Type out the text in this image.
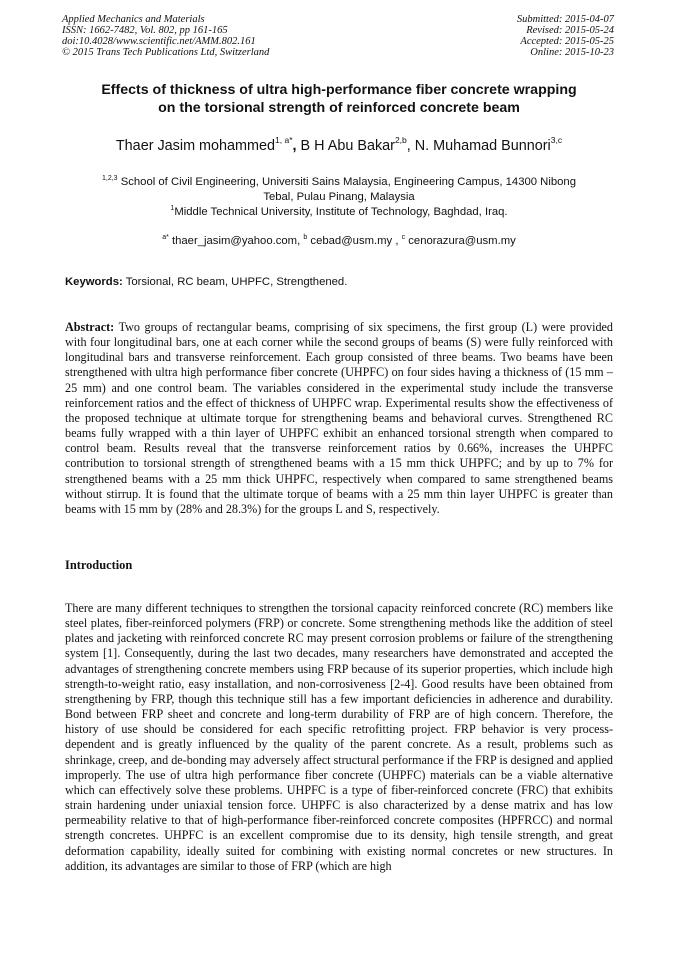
Applied Mechanics and Materials
ISSN: 1662-7482, Vol. 802, pp 161-165
doi:10.4028/www.scientific.net/AMM.802.161
© 2015 Trans Tech Publications Ltd, Switzerland
Submitted: 2015-04-07
Revised: 2015-05-24
Accepted: 2015-05-25
Online: 2015-10-23
Effects of thickness of ultra high-performance fiber concrete wrapping
on the torsional strength of reinforced concrete beam
Thaer Jasim mohammed$^{1, a*}$, B H Abu Bakar$^{2,b}$, N. Muhamad Bunnori$^{3,c}$
$^{1,2,3}$ School of Civil Engineering, Universiti Sains Malaysia, Engineering Campus, 14300 Nibong
Tebal, Pulau Pinang, Malaysia
$^1$Middle Technical University, Institute of Technology, Baghdad, Iraq.
$^{a*}$ thaer_jasim@yahoo.com, $^b$ cebad@usm.my , $^c$ cenorazura@usm.my
Keywords: Torsional, RC beam, UHPFC, Strengthened.
Abstract: Two groups of rectangular beams, comprising of six specimens, the first group (L) were provided with four longitudinal bars, one at each corner while the second groups of beams (S) were fully reinforced with longitudinal bars and transverse reinforcement. Each group consisted of three beams. Two beams have been strengthened with ultra high performance fiber concrete (UHPFC) on four sides having a thickness of (15 mm – 25 mm) and one control beam. The variables considered in the experimental study include the transverse reinforcement ratios and the effect of thickness of UHPFC wrap. Experimental results show the effectiveness of the proposed technique at ultimate torque for strengthening beams and behavioral curves. Strengthened RC beams fully wrapped with a thin layer of UHPFC exhibit an enhanced torsional strength when compared to control beam. Results reveal that the transverse reinforcement ratios by 0.66%, increases the UHPFC contribution to torsional strength of strengthened beams with a 15 mm thick UHPFC; and by up to 7% for strengthened beams with a 25 mm thick UHPFC, respectively when compared to same strengthened beams without stirrup. It is found that the ultimate torque of beams with a 25 mm thin layer UHPFC is greater than beams with 15 mm by (28% and 28.3%) for the groups L and S, respectively.
Introduction
There are many different techniques to strengthen the torsional capacity reinforced concrete (RC) members like steel plates, fiber-reinforced polymers (FRP) or concrete. Some strengthening methods like the addition of steel plates and jacketing with reinforced concrete RC may present corrosion problems or failure of the strengthening system [1]. Consequently, during the last two decades, many researchers have demonstrated and accepted the advantages of strengthening concrete members using FRP because of its superior properties, which include high strength-to-weight ratio, easy installation, and non-corrosiveness [2-4]. Good results have been obtained from strengthening by FRP, though this technique still has a few important deficiencies in adherence and durability. Bond between FRP sheet and concrete and long-term durability of FRP are of high concern. Therefore, the history of use should be considered for each specific retrofitting project. FRP behavior is very process-dependent and is greatly influenced by the quality of the parent concrete. As a result, problems such as shrinkage, creep, and de-bonding may adversely affect structural performance if the FRP is designed and applied improperly. The use of ultra high performance fiber concrete (UHPFC) materials can be a viable alternative which can effectively solve these problems. UHPFC is a type of fiber-reinforced concrete (FRC) that exhibits strain hardening under uniaxial tension force. UHPFC is also characterized by a dense matrix and has low permeability relative to that of high-performance fiber-reinforced concrete composites (HPFRCC) and normal strength concretes. UHPFC is an excellent compromise due to its density, high tensile strength, and great deformation capability, ideally suited for combining with existing normal concretes or new structures. In addition, its advantages are similar to those of FRP (which are high
